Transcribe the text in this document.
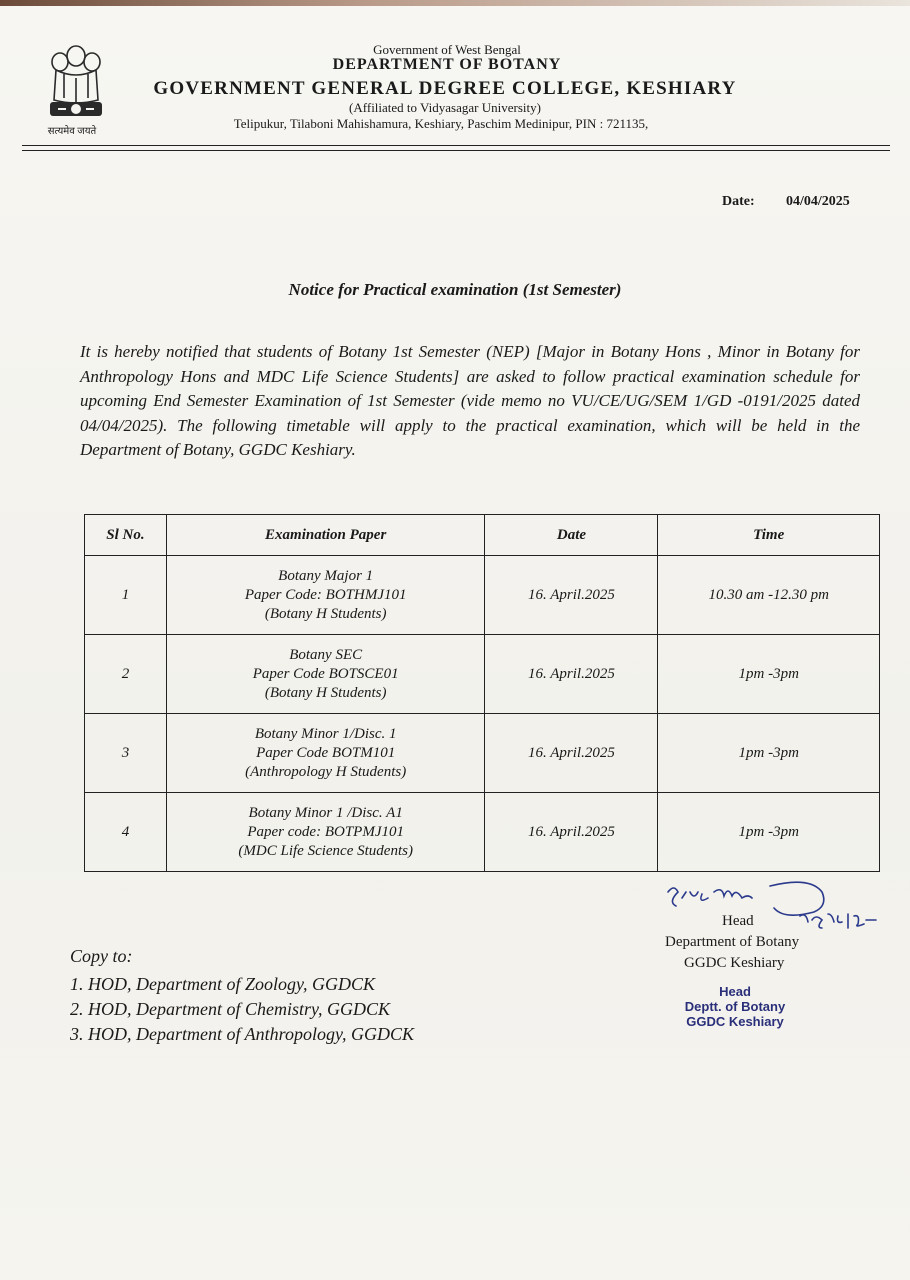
सत्यमेव जयते
Government of West Bengal
DEPARTMENT OF BOTANY
GOVERNMENT GENERAL DEGREE COLLEGE, KESHIARY
(Affiliated to Vidyasagar University)
Telipukur, Tilaboni Mahishamura, Keshiary, Paschim Medinipur, PIN : 721135,
Date: 04/04/2025
Notice for Practical examination (1st Semester)
It is hereby notified that students of Botany 1st Semester (NEP) [Major in Botany Hons , Minor in Botany for Anthropology Hons and MDC Life Science Students] are asked to follow practical examination schedule for upcoming End Semester Examination of 1st Semester (vide memo no VU/CE/UG/SEM 1/GD -0191/2025 dated 04/04/2025). The following timetable will apply to the practical examination, which will be held in the Department of Botany, GGDC Keshiary.
Sl No.	Examination Paper	Date	Time
1	Botany Major 1
Paper Code: BOTHMJ101
(Botany H Students)	16. April.2025	10.30 am -12.30 pm
2	Botany SEC
Paper Code BOTSCE01
(Botany H Students)	16. April.2025	1pm -3pm
3	Botany Minor 1/Disc. 1
Paper Code BOTM101
(Anthropology H Students)	16. April.2025	1pm -3pm
4	Botany Minor 1 /Disc. A1
Paper code: BOTPMJ101
(MDC Life Science Students)	16. April.2025	1pm -3pm
Head
Department of Botany
GGDC Keshiary
Head
Deptt. of Botany
GGDC Keshiary
Copy to:
1. HOD, Department of Zoology, GGDCK
2. HOD, Department of Chemistry, GGDCK
3. HOD, Department of Anthropology, GGDCK
